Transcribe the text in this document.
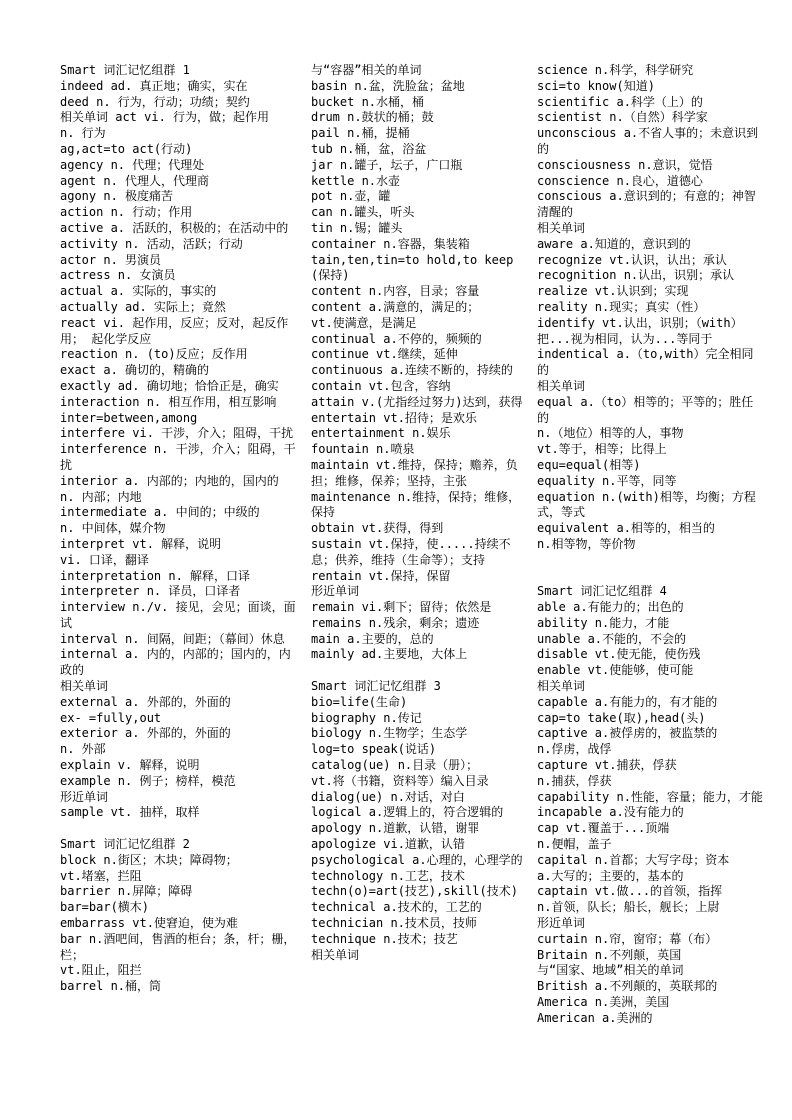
Smart 词汇记忆组群 1
indeed ad. 真正地；确实，实在
deed n. 行为，行动；功绩；契约
相关单词 act vi. 行为，做；起作用
n. 行为
ag,act=to act(行动)
agency n. 代理；代理处
agent n. 代理人，代理商
agony n. 极度痛苦
action n. 行动；作用
active a. 活跃的，积极的；在活动中的
activity n. 活动，活跃；行动
actor n. 男演员
actress n. 女演员
actual a. 实际的，事实的
actually ad. 实际上；竟然
react vi. 起作用，反应；反对，起反作用； 起化学反应
reaction n. (to)反应；反作用
exact a. 确切的，精确的
exactly ad. 确切地；恰恰正是，确实
interaction n. 相互作用，相互影响
inter=between,among
interfere vi. 干涉，介入；阻碍，干扰
interference n. 干涉，介入；阻碍，干扰
interior a. 内部的；内地的，国内的
n. 内部；内地
intermediate a. 中间的；中级的
n. 中间体，媒介物
interpret vt. 解释，说明
vi. 口译，翻译
interpretation n. 解释，口译
interpreter n. 译员，口译者
interview n./v. 接见，会见；面谈，面试
interval n. 间隔，间距；（幕间）休息
internal a. 内的，内部的；国内的，内政的
相关单词
external a. 外部的，外面的
ex- =fully,out
exterior a. 外部的，外面的
n. 外部
explain v. 解释，说明
example n. 例子；榜样，模范
形近单词
sample vt. 抽样，取样
Smart 词汇记忆组群 2
block n.街区；木块；障碍物；
vt.堵塞，拦阻
barrier n.屏障；障碍
bar=bar(横木)
embarrass vt.使窘迫，使为难
bar n.酒吧间，售酒的柜台；条，杆；栅，栏；
vt.阻止，阻拦
barrel n.桶，筒
与“容器”相关的单词
basin n.盆，洗脸盆；盆地
bucket n.水桶，桶
drum n.鼓状的桶；鼓
pail n.桶，提桶
tub n.桶，盆，浴盆
jar n.罐子，坛子，广口瓶
kettle n.水壶
pot n.壶，罐
can n.罐头，听头
tin n.锡；罐头
container n.容器，集装箱
tain,ten,tin=to hold,to keep(保持)
content n.内容，目录；容量
content a.满意的，满足的；
vt.使满意，是满足
continual a.不停的，频频的
continue vt.继续，延伸
continuous a.连续不断的，持续的
contain vt.包含，容纳
attain v.(尤指经过努力)达到，获得
entertain vt.招待；是欢乐
entertainment n.娱乐
fountain n.喷泉
maintain vt.维持，保持；赡养，负担；维修，保养；坚持，主张
maintenance n.维持，保持；维修，保持
obtain vt.获得，得到
sustain vt.保持，使.....持续不息；供养，维持（生命等）；支持
rentain vt.保持，保留
形近单词
remain vi.剩下；留待；依然是
remains n.残余，剩余；遗迹
main a.主要的，总的
mainly ad.主要地，大体上
Smart 词汇记忆组群 3
bio=life(生命)
biography n.传记
biology n.生物学；生态学
log=to speak(说话)
catalog(ue) n.目录（册）；
vt.将（书籍，资料等）编入目录
dialog(ue) n.对话，对白
logical a.逻辑上的，符合逻辑的
apology n.道歉，认错，谢罪
apologize vi.道歉，认错
psychological a.心理的，心理学的
technology n.工艺，技术
techn(o)=art(技艺),skill(技术)
technical a.技术的，工艺的
technician n.技术员，技师
technique n.技术；技艺
相关单词
science n.科学，科学研究
sci=to know(知道)
scientific a.科学（上）的
scientist n.（自然）科学家
unconscious a.不省人事的；未意识到的
consciousness n.意识，觉悟
conscience n.良心，道德心
conscious a.意识到的；有意的；神智清醒的
相关单词
aware a.知道的，意识到的
recognize vt.认识，认出；承认
recognition n.认出，识别；承认
realize vt.认识到；实现
reality n.现实；真实（性）
identify vt.认出，识别；（with）把...视为相同，认为...等同于
indentical a.（to,with）完全相同的
相关单词
equal a.（to）相等的；平等的；胜任的
n.（地位）相等的人，事物
vt.等于，相等；比得上
equ=equal(相等)
equality n.平等，同等
equation n.(with)相等，均衡；方程式，等式
equivalent a.相等的，相当的
n.相等物，等价物
Smart 词汇记忆组群 4
able a.有能力的；出色的
ability n.能力，才能
unable a.不能的，不会的
disable vt.使无能，使伤残
enable vt.使能够，使可能
相关单词
capable a.有能力的，有才能的
cap=to take(取),head(头)
captive a.被俘虏的，被监禁的
n.俘虏，战俘
capture vt.捕获，俘获
n.捕获，俘获
capability n.性能，容量；能力，才能
incapable a.没有能力的
cap vt.覆盖于...顶端
n.便帽，盖子
capital n.首都；大写字母；资本
a.大写的；主要的，基本的
captain vt.做...的首领，指挥
n.首领，队长；船长，舰长；上尉
形近单词
curtain n.帘，窗帘；幕（布）
Britain n.不列颠，英国
与“国家、地域”相关的单词
British a.不列颠的，英联邦的
America n.美洲，美国
American a.美洲的
